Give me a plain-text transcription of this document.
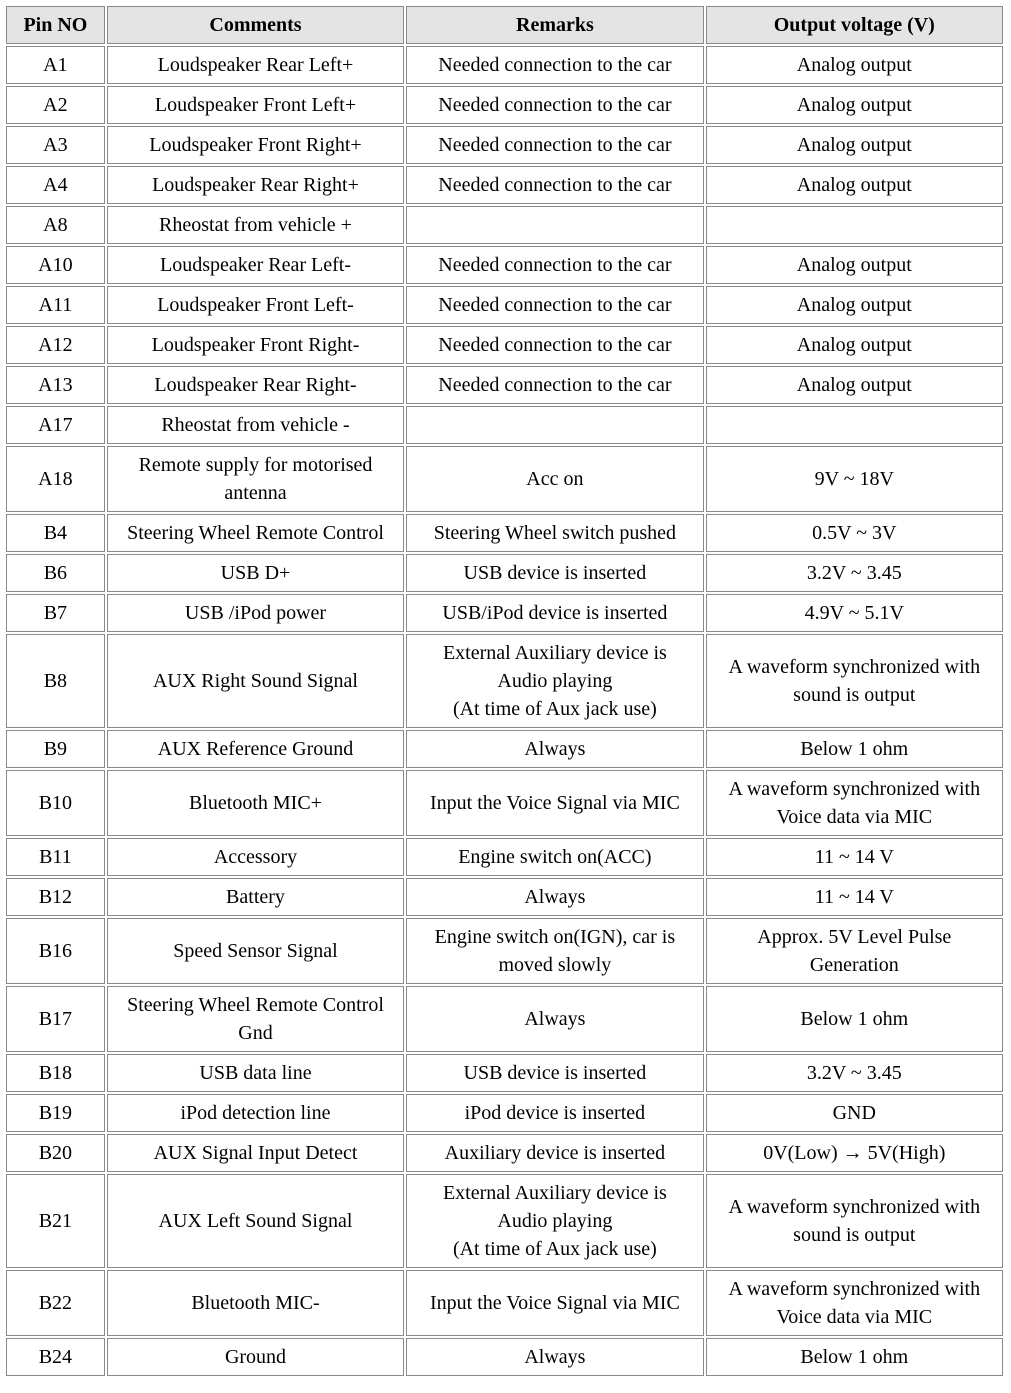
Pin NO	Comments	Remarks	Output voltage (V)
A1	Loudspeaker Rear Left+	Needed connection to the car	Analog output

A2	Loudspeaker Front Left+	Needed connection to the car	Analog output

A3	Loudspeaker Front Right+	Needed connection to the car	Analog output

A4	Loudspeaker Rear Right+	Needed connection to the car	Analog output

A8	Rheostat from vehicle +		

A10	Loudspeaker Rear Left-	Needed connection to the car	Analog output

A11	Loudspeaker Front Left-	Needed connection to the car	Analog output

A12	Loudspeaker Front Right-	Needed connection to the car	Analog output

A13	Loudspeaker Rear Right-	Needed connection to the car	Analog output

A17	Rheostat from vehicle -		

A18	Remote supply for motorised
antenna	Acc on	9V ~ 18V

B4	Steering Wheel Remote Control	Steering Wheel switch pushed	0.5V ~ 3V

B6	USB D+	USB device is inserted	3.2V ~ 3.45

B7	USB /iPod power	USB/iPod device is inserted	4.9V ~ 5.1V

B8	AUX Right Sound Signal	External Auxiliary device is
Audio playing
(At time of Aux jack use)	A waveform synchronized with
sound is output

B9	AUX Reference Ground	Always	Below 1 ohm

B10	Bluetooth MIC+	Input the Voice Signal via MIC	A waveform synchronized with
Voice data via MIC

B11	Accessory	Engine switch on(ACC)	11 ~ 14 V

B12	Battery	Always	11 ~ 14 V

B16	Speed Sensor Signal	Engine switch on(IGN), car is
moved slowly	Approx. 5V Level Pulse
Generation

B17	Steering Wheel Remote Control
Gnd	Always	Below 1 ohm

B18	USB data line	USB device is inserted	3.2V ~ 3.45

B19	iPod detection line	iPod device is inserted	GND

B20	AUX Signal Input Detect	Auxiliary device is inserted	0V(Low) → 5V(High)

B21	AUX Left Sound Signal	External Auxiliary device is
Audio playing
(At time of Aux jack use)	A waveform synchronized with
sound is output

B22	Bluetooth MIC-	Input the Voice Signal via MIC	A waveform synchronized with
Voice data via MIC

B24	Ground	Always	Below 1 ohm
